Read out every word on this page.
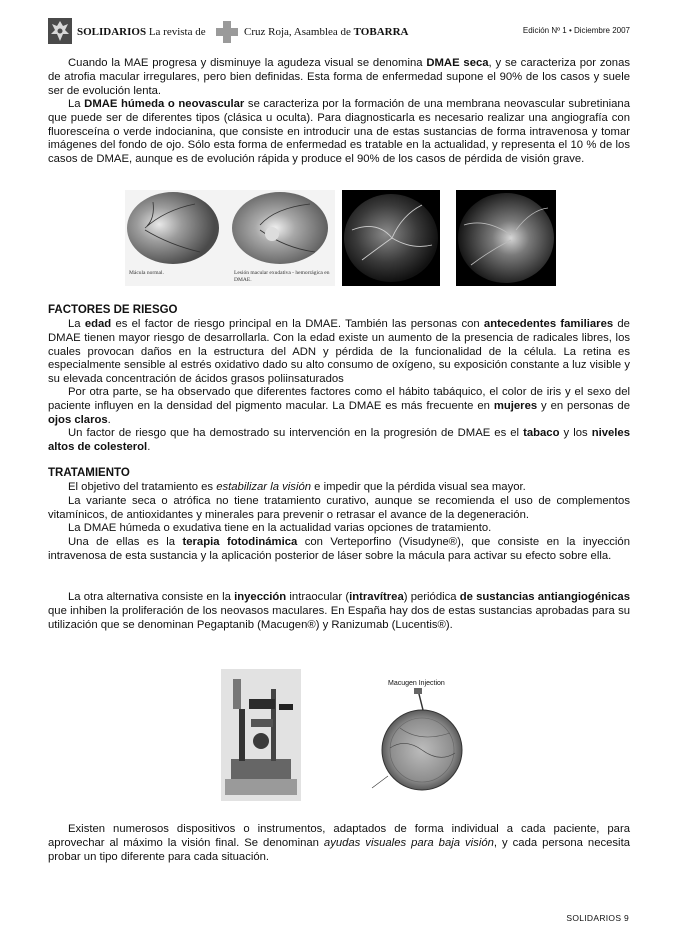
SOLIDARIOS La revista de	Cruz Roja, Asamblea de TOBARRA	Edición Nº 1 • Diciembre 2007

Cuando la MAE progresa y disminuye la agudeza visual se denomina DMAE seca, y se caracteriza por zonas de atrofia macular irregulares, pero bien definidas. Esta forma de enfermedad supone el 90% de los casos y suele ser de evolución lenta.

La DMAE húmeda o neovascular se caracteriza por la formación de una membrana neovascular subretiniana que puede ser de diferentes tipos (clásica u oculta). Para diagnosticarla es necesario realizar una angiografía con fluoresceína o verde indocianina, que consiste en introducir una de estas sustancias de forma intravenosa y tomar imágenes del fondo de ojo. Sólo esta forma de enfermedad es tratable en la actualidad, y representa el 10 % de los casos de DMAE, aunque es de evolución rápida y produce el 90% de los casos de pérdida de visión grave.

Mácula normal.	Lesión macular exudativa - hemorrágica en DMAE.
FACTORES DE RIESGO

La edad es el factor de riesgo principal en la DMAE. También las personas con antecedentes familiares de DMAE tienen mayor riesgo de desarrollarla. Con la edad existe un aumento de la presencia de radicales libres, los cuales provocan daños en la estructura del ADN y pérdida de la funcionalidad de la célula. La retina es especialmente sensible al estrés oxidativo dado su alto consumo de oxígeno, su exposición constante a luz visible y su elevada concentración de ácidos grasos poliinsaturados

Por otra parte, se ha observado que diferentes factores como el hábito tabáquico, el color de iris y el sexo del paciente influyen en la densidad del pigmento macular. La DMAE es más frecuente en mujeres y en personas de ojos claros.

Un factor de riesgo que ha demostrado su intervención en la progresión de DMAE es el tabaco y los niveles altos de colesterol.

TRATAMIENTO

El objetivo del tratamiento es estabilizar la visión e impedir que la pérdida visual sea mayor.

La variante seca o atrófica no tiene tratamiento curativo, aunque se recomienda el uso de complementos vitamínicos, de antioxidantes y minerales para prevenir o retrasar el avance de la degeneración.

La DMAE húmeda o exudativa tiene en la actualidad varias opciones de tratamiento.

Una de ellas es la terapia fotodinámica con Verteporfino (Visudyne®), que consiste en la inyección intravenosa de esta sustancia y la aplicación posterior de láser sobre la mácula para activar su efecto sobre ella.

La otra alternativa consiste en la inyección intraocular (intravítrea) periódica de sustancias antiangiogénicas que inhiben la proliferación de los neovasos maculares. En España hay dos de estas sustancias aprobadas para su utilización que se denominan Pegaptanib (Macugen®) y Ranizumab (Lucentis®).

Macugen Injection

Existen numerosos dispositivos o instrumentos, adaptados de forma individual a cada paciente, para aprovechar al máximo la visión final. Se denominan ayudas visuales para baja visión, y cada persona necesita probar un tipo diferente para cada situación.

SOLIDARIOS 9
